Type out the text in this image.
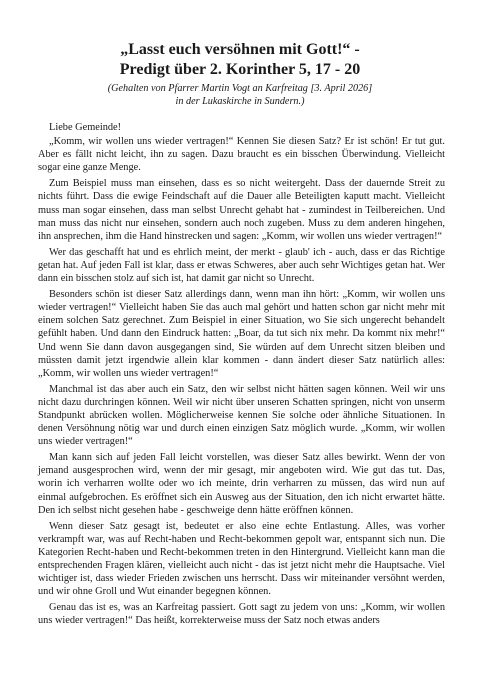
„Lasst euch versöhnen mit Gott!“ -
Predigt über 2. Korinther 5, 17 - 20

(Gehalten von Pfarrer Martin Vogt an Karfreitag [3. April 2026]
in der Lukaskirche in Sundern.)

Liebe Gemeinde!

„Komm, wir wollen uns wieder vertragen!“ Kennen Sie diesen Satz? Er ist schön! Er tut gut. Aber es fällt nicht leicht, ihn zu sagen. Dazu braucht es ein bisschen Überwindung. Vielleicht sogar eine ganze Menge.

Zum Beispiel muss man einsehen, dass es so nicht weitergeht. Dass der dauernde Streit zu nichts führt. Dass die ewige Feindschaft auf die Dauer alle Beteiligten kaputt macht. Vielleicht muss man sogar einsehen, dass man selbst Unrecht gehabt hat - zumindest in Teilbereichen. Und man muss das nicht nur einsehen, sondern auch noch zugeben. Muss zu dem anderen hingehen, ihn ansprechen, ihm die Hand hinstrecken und sagen: „Komm, wir wollen uns wieder vertragen!“

Wer das geschafft hat und es ehrlich meint, der merkt - glaub' ich - auch, dass er das Richtige getan hat. Auf jeden Fall ist klar, dass er etwas Schweres, aber auch sehr Wichtiges getan hat. Wer dann ein bisschen stolz auf sich ist, hat damit gar nicht so Unrecht.

Besonders schön ist dieser Satz allerdings dann, wenn man ihn hört: „Komm, wir wollen uns wieder vertragen!“ Vielleicht haben Sie das auch mal gehört und hatten schon gar nicht mehr mit einem solchen Satz gerechnet. Zum Beispiel in einer Situation, wo Sie sich ungerecht behandelt gefühlt haben. Und dann den Eindruck hatten: „Boar, da tut sich nix mehr. Da kommt nix mehr!“ Und wenn Sie dann davon ausgegangen sind, Sie würden auf dem Unrecht sitzen bleiben und müssten damit jetzt irgendwie allein klar kommen - dann ändert dieser Satz natürlich alles: „Komm, wir wollen uns wieder vertragen!“

Manchmal ist das aber auch ein Satz, den wir selbst nicht hätten sagen können. Weil wir uns nicht dazu durchringen können. Weil wir nicht über unseren Schatten springen, nicht von unserm Standpunkt abrücken wollen. Möglicherweise kennen Sie solche oder ähnliche Situationen. In denen Versöhnung nötig war und durch einen einzigen Satz möglich wurde. „Komm, wir wollen uns wieder vertragen!“

Man kann sich auf jeden Fall leicht vorstellen, was dieser Satz alles bewirkt. Wenn der von jemand ausgesprochen wird, wenn der mir gesagt, mir angeboten wird. Wie gut das tut. Das, worin ich verharren wollte oder wo ich meinte, drin verharren zu müssen, das wird nun auf einmal aufgebrochen. Es eröffnet sich ein Ausweg aus der Situation, den ich nicht erwartet hätte. Den ich selbst nicht gesehen habe - geschweige denn hätte eröffnen können.

Wenn dieser Satz gesagt ist, bedeutet er also eine echte Entlastung. Alles, was vorher verkrampft war, was auf Recht-haben und Recht-bekommen gepolt war, entspannt sich nun. Die Kategorien Recht-haben und Recht-bekommen treten in den Hintergrund. Vielleicht kann man die entsprechenden Fragen klären, vielleicht auch nicht - das ist jetzt nicht mehr die Hauptsache. Viel wichtiger ist, dass wieder Frieden zwischen uns herrscht. Dass wir miteinander versöhnt werden, und wir ohne Groll und Wut einander begegnen können.

Genau das ist es, was an Karfreitag passiert. Gott sagt zu jedem von uns: „Komm, wir wollen uns wieder vertragen!“ Das heißt, korrekterweise muss der Satz noch etwas anders
